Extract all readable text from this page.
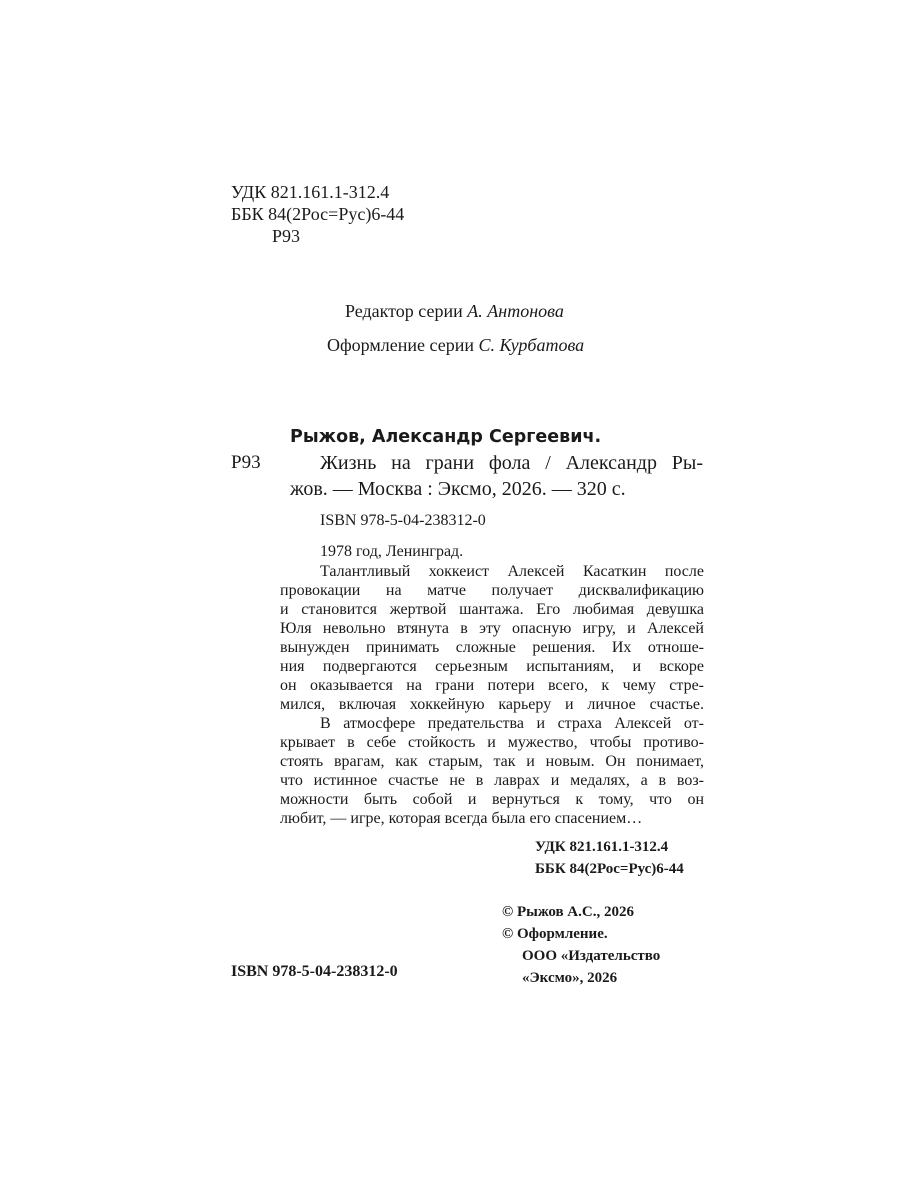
УДК 821.161.1-312.4
ББК 84(2Рос=Рус)6-44
Р93
Редактор серии А. Антонова
Оформление серии С. Курбатова
Рыжов, Александр Сергеевич.
Р93	Жизнь на грани фола / Александр Ры-
жов. — Москва : Эксмо, 2026. — 320 с.
ISBN 978-5-04-238312-0
1978 год, Ленинград.
Талантливый хоккеист Алексей Касаткин после
провокации на матче получает дисквалификацию
и становится жертвой шантажа. Его любимая девушка
Юля невольно втянута в эту опасную игру, и Алексей
вынужден принимать сложные решения. Их отноше-
ния подвергаются серьезным испытаниям, и вскоре
он оказывается на грани потери всего, к чему стре-
мился, включая хоккейную карьеру и личное счастье.
В атмосфере предательства и страха Алексей от-
крывает в себе стойкость и мужество, чтобы противо-
стоять врагам, как старым, так и новым. Он понимает,
что истинное счастье не в лаврах и медалях, а в воз-
можности быть собой и вернуться к тому, что он
любит, — игре, которая всегда была его спасением…
УДК 821.161.1-312.4
ББК 84(2Рос=Рус)6-44
© Рыжов А.С., 2026
© Оформление.
ООО «Издательство
«Эксмо», 2026
ISBN 978-5-04-238312-0
